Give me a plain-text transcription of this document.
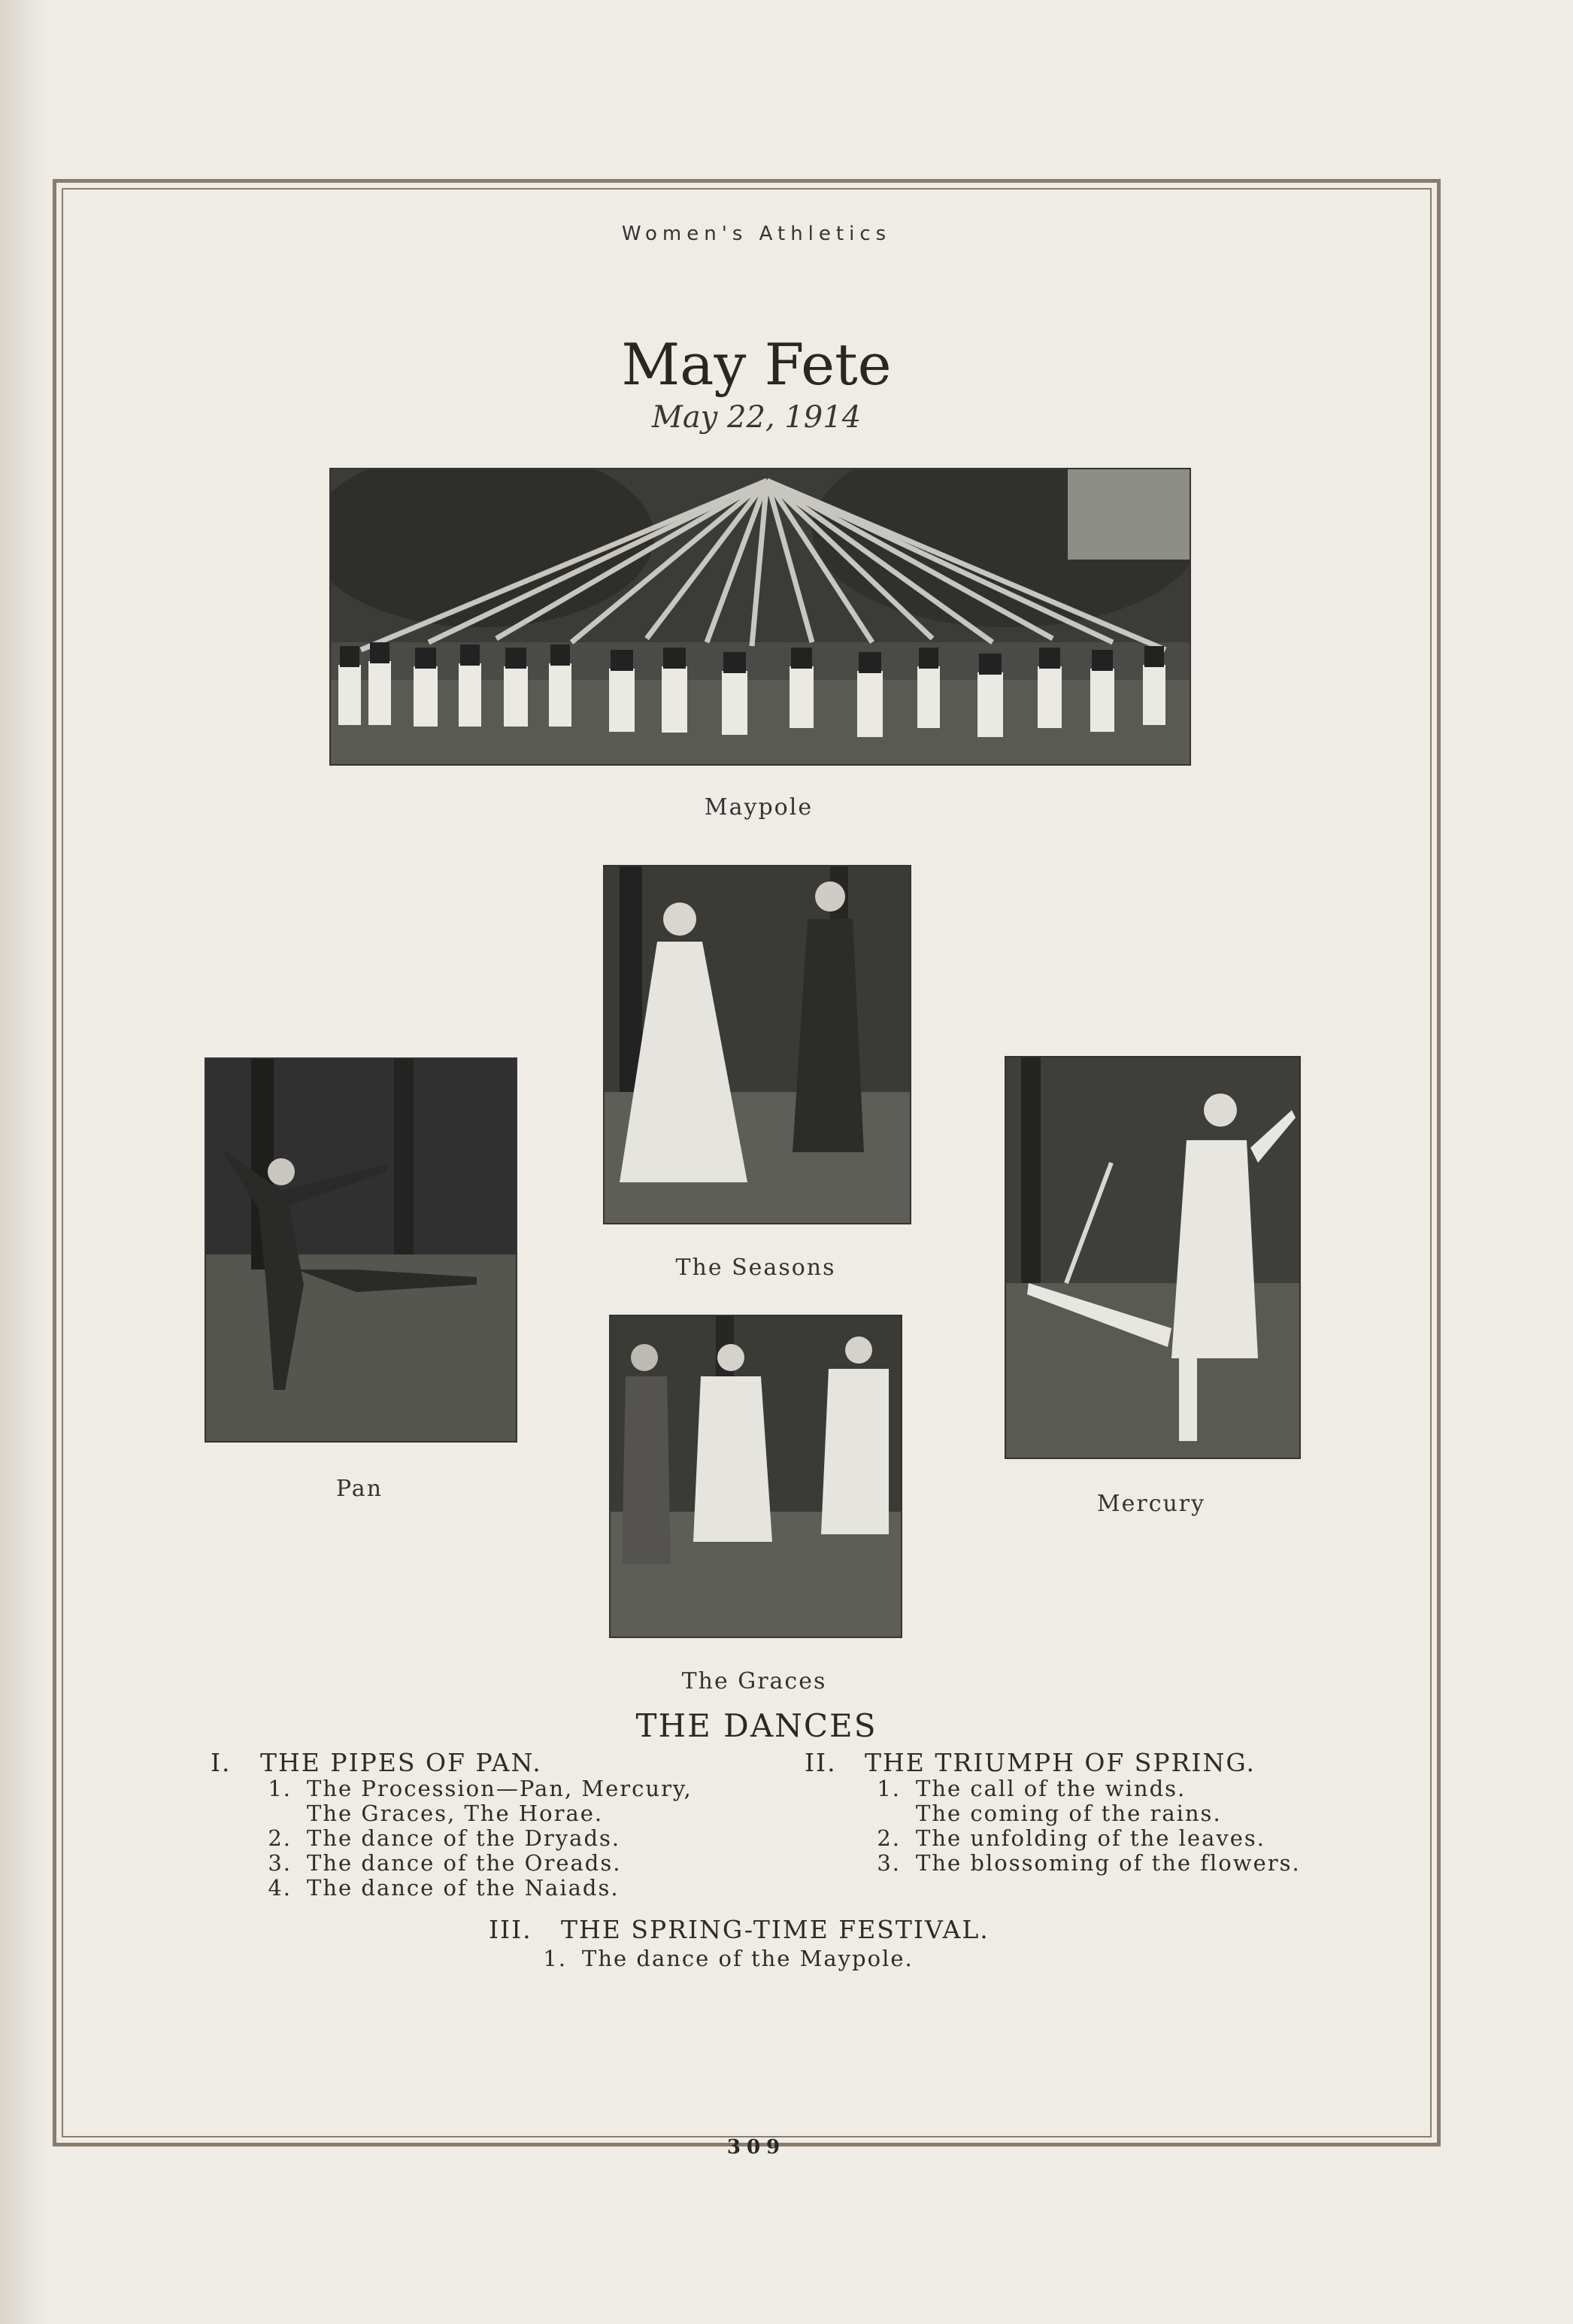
Women's Athletics
May Fete
May 22, 1914
Maypole
The Seasons
Pan
Mercury
The Graces
THE DANCES
I. THE PIPES OF PAN.
1. The Procession—Pan, Mercury,
The Graces, The Horae.
2. The dance of the Dryads.
3. The dance of the Oreads.
4. The dance of the Naiads.
II. THE TRIUMPH OF SPRING.
1. The call of the winds.
The coming of the rains.
2. The unfolding of the leaves.
3. The blossoming of the flowers.
III. THE SPRING-TIME FESTIVAL.
1. The dance of the Maypole.
309
